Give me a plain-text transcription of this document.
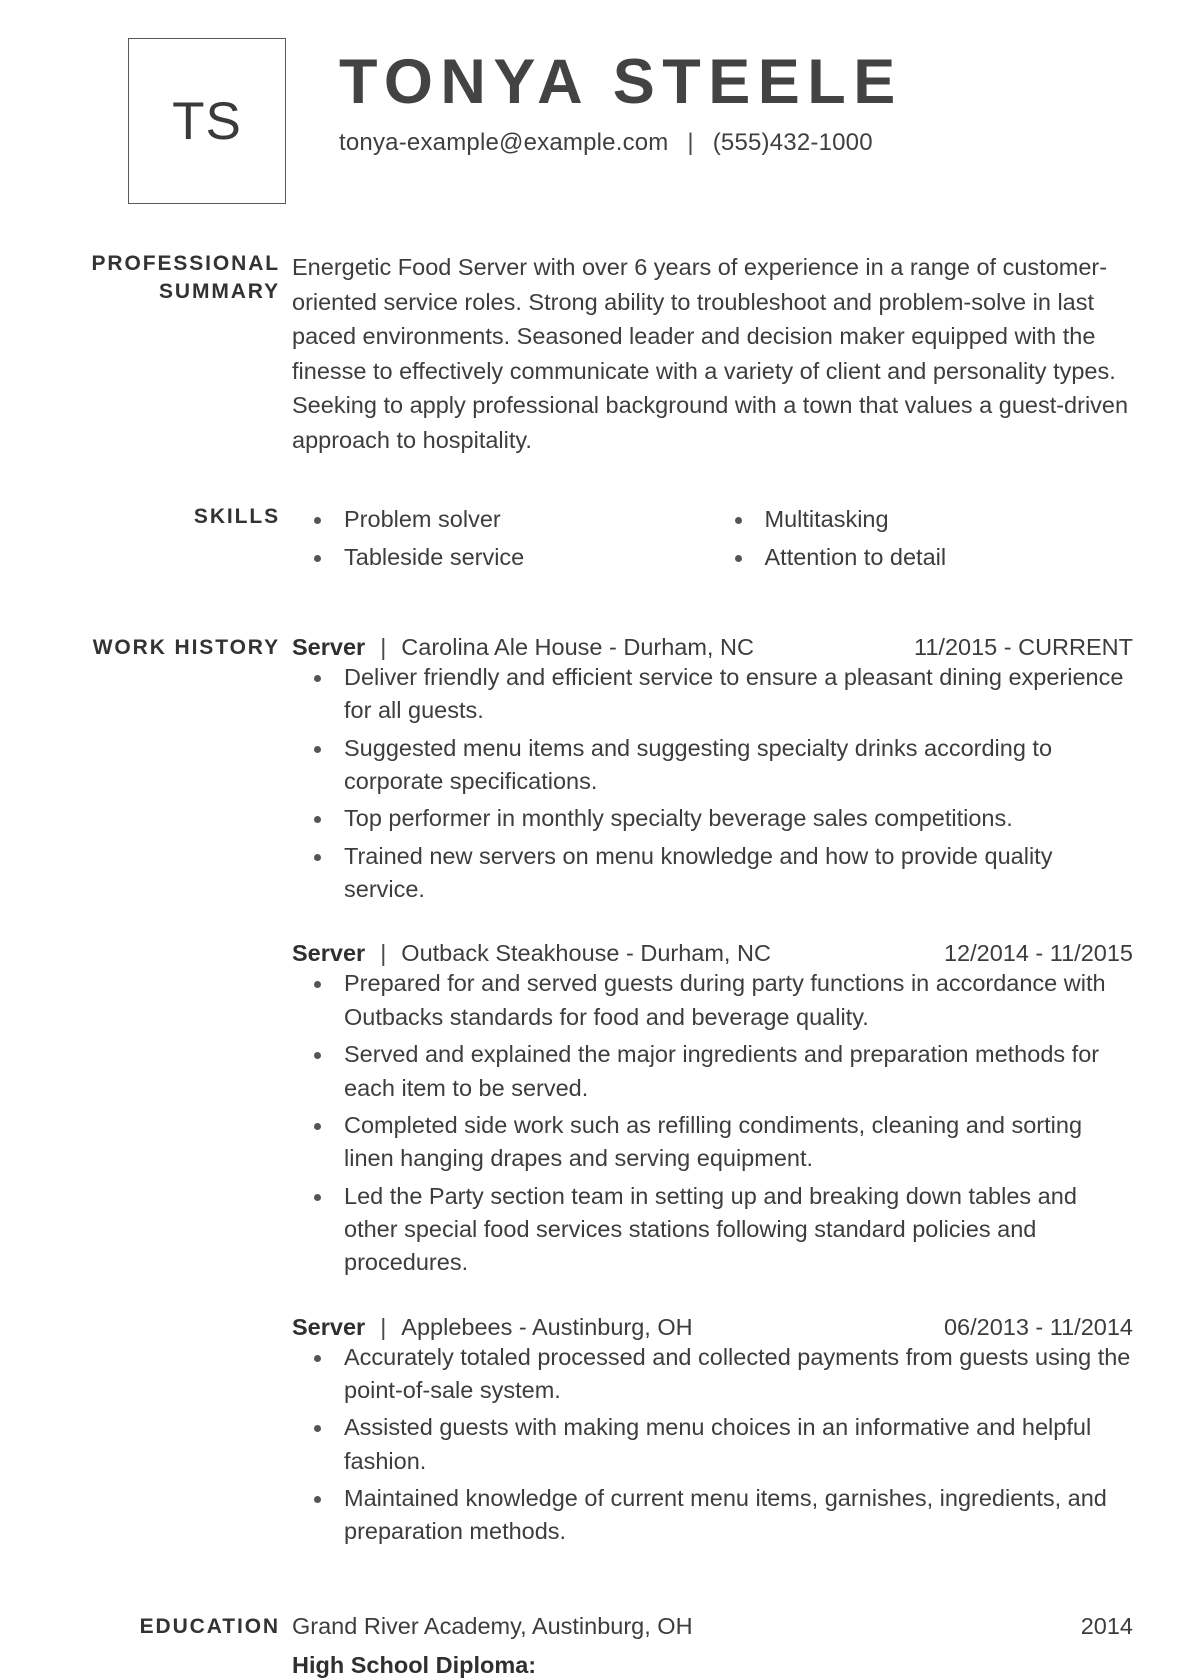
TS
TONYA STEELE
tonya-example@example.com | (555)432-1000
PROFESSIONAL SUMMARY

Energetic Food Server with over 6 years of experience in a range of customer-oriented service roles. Strong ability to troubleshoot and problem-solve in last paced environments. Seasoned leader and decision maker equipped with the finesse to effectively communicate with a variety of client and personality types. Seeking to apply professional background with a town that values a guest-driven approach to hospitality.

SKILLS	Problem solver
Tableside service
Multitasking
Attention to detail
WORK HISTORY Server | Carolina Ale House - Durham, NC	11/2015 - CURRENT
Deliver friendly and efficient service to ensure a pleasant dining experience for all guests.
Suggested menu items and suggesting specialty drinks according to corporate specifications.
Top performer in monthly specialty beverage sales competitions.
Trained new servers on menu knowledge and how to provide quality service.
Server | Outback Steakhouse - Durham, NC	12/2014 - 11/2015
Prepared for and served guests during party functions in accordance with Outbacks standards for food and beverage quality.
Served and explained the major ingredients and preparation methods for each item to be served.
Completed side work such as refilling condiments, cleaning and sorting linen hanging drapes and serving equipment.
Led the Party section team in setting up and breaking down tables and other special food services stations following standard policies and procedures.
Server | Applebees - Austinburg, OH	06/2013 - 11/2014
Accurately totaled processed and collected payments from guests using the point-of-sale system.
Assisted guests with making menu choices in an informative and helpful fashion.
Maintained knowledge of current menu items, garnishes, ingredients, and preparation methods.
EDUCATION Grand River Academy, Austinburg, OH	2014
High School Diploma:
